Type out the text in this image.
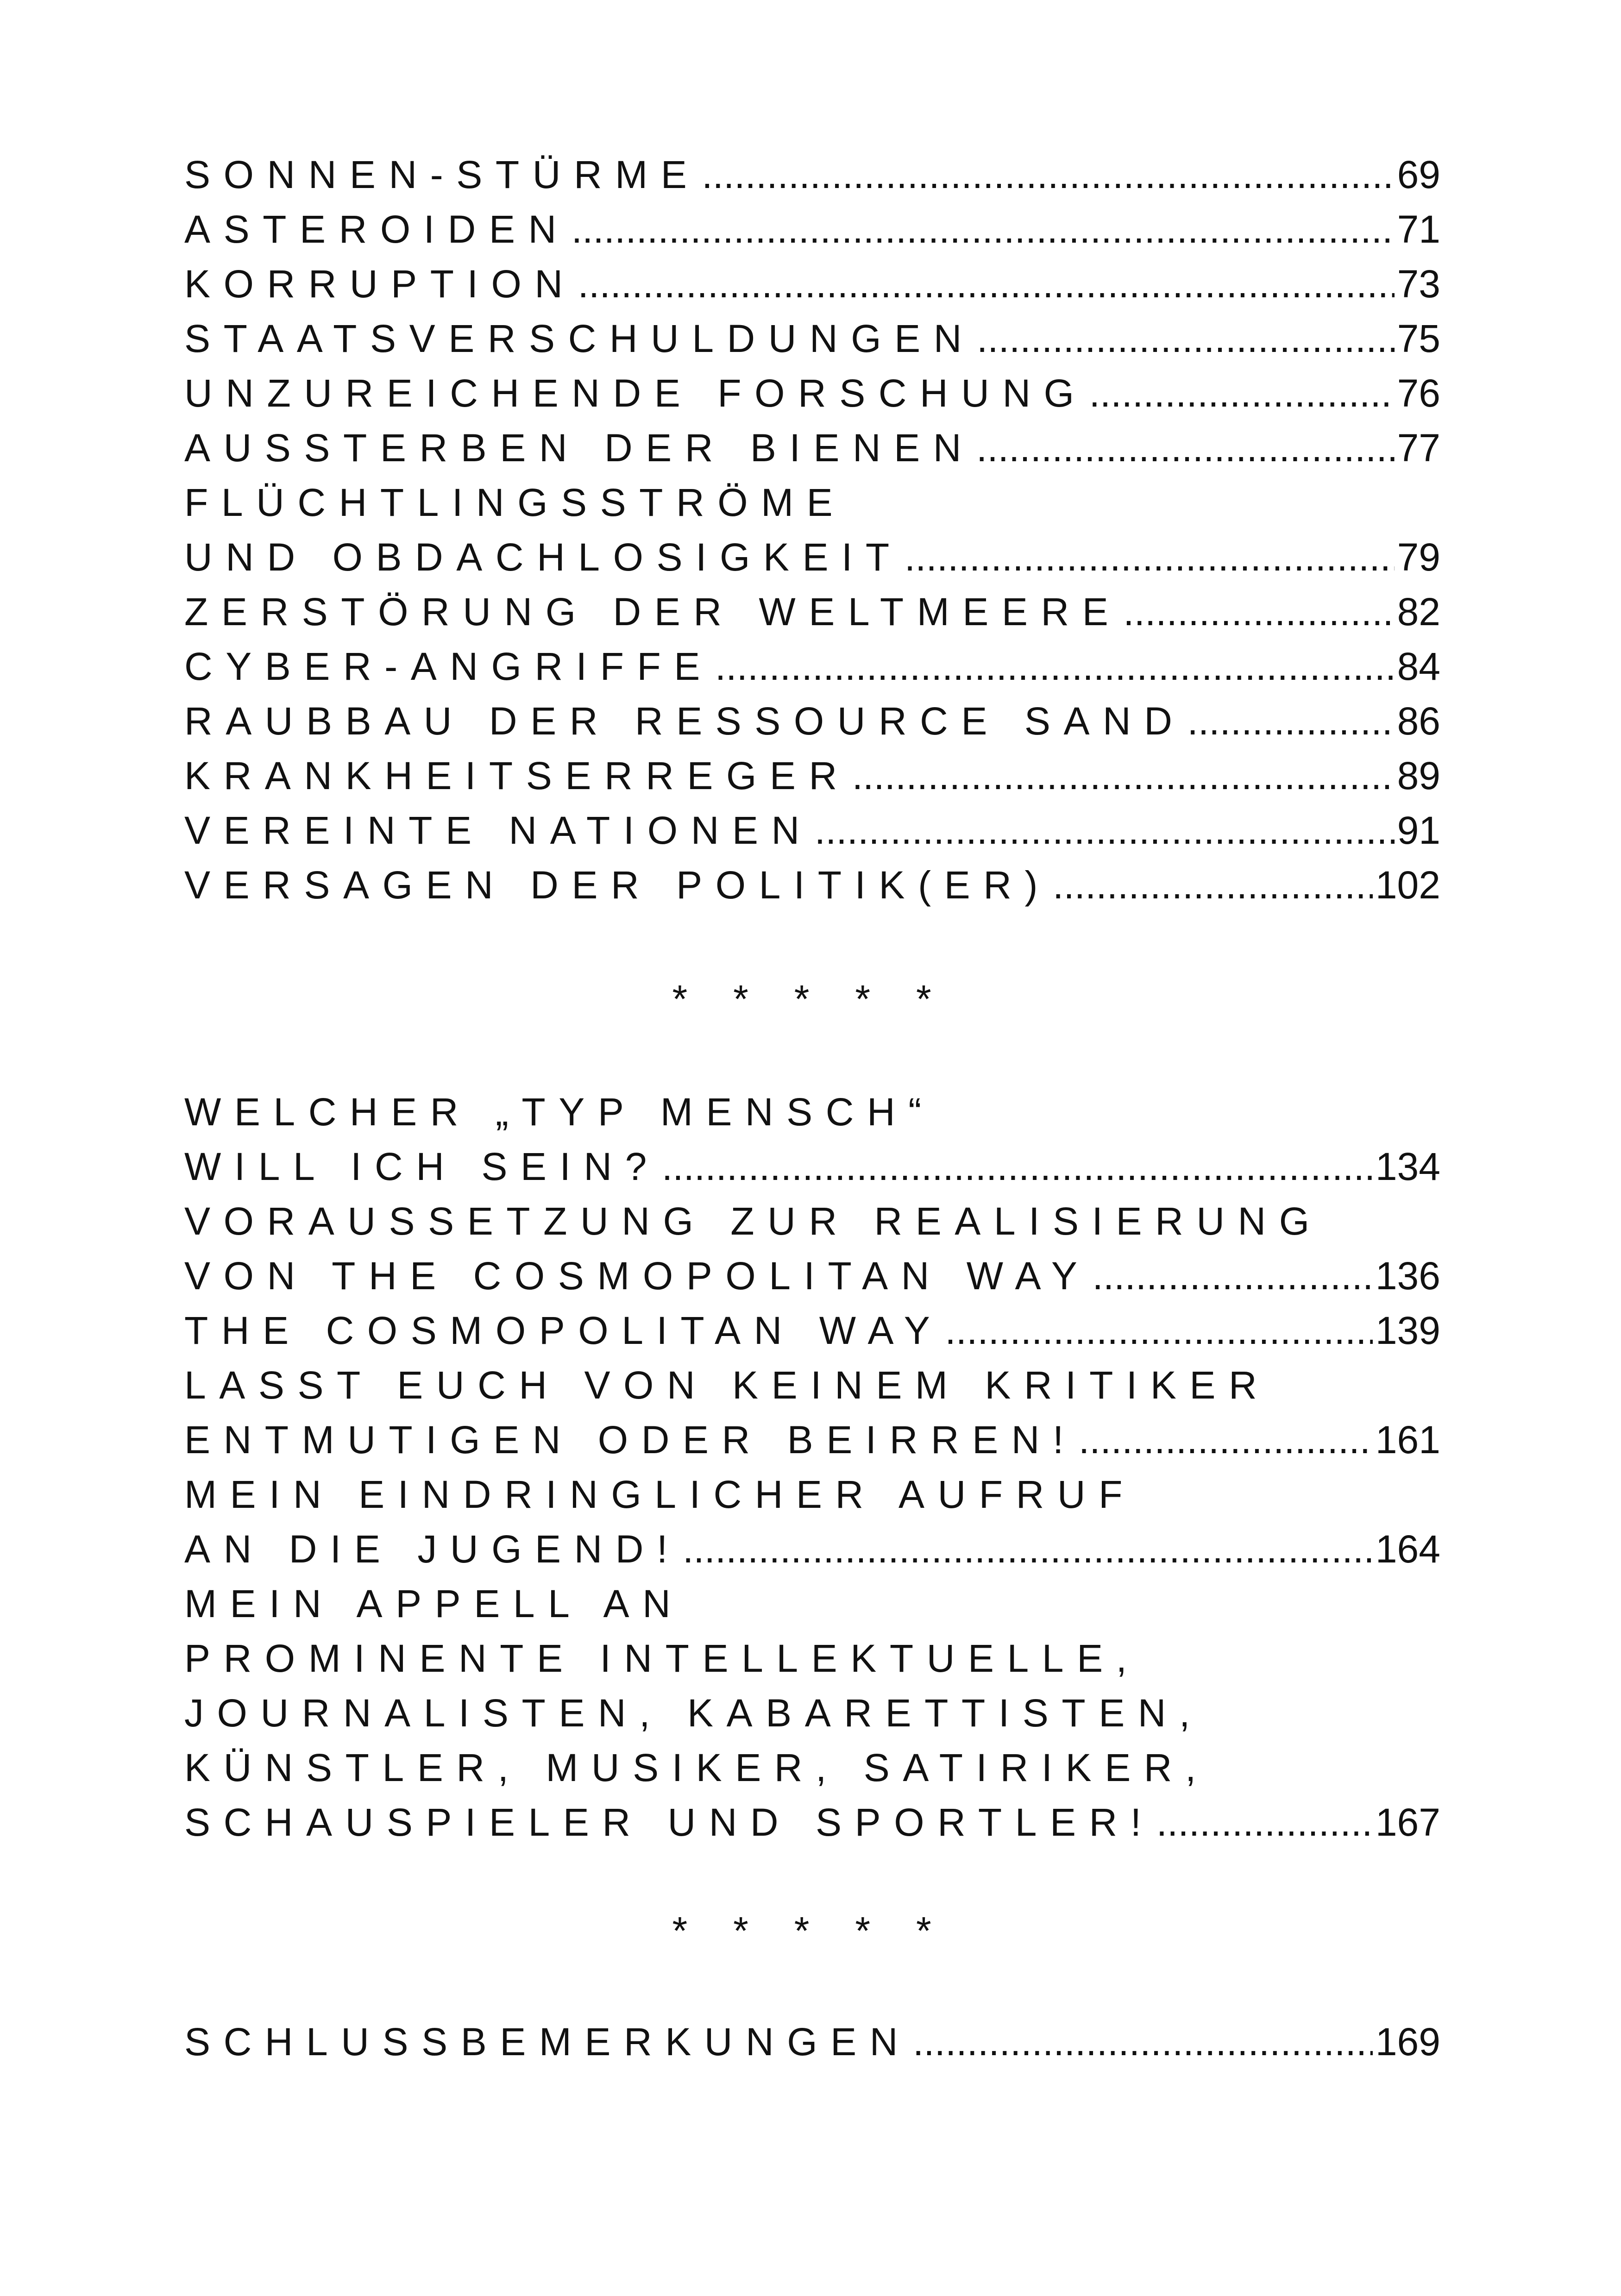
SONNEN-STÜRME .....	69
ASTEROIDEN .....	71
KORRUPTION .....	73
STAATSVERSCHULDUNGEN .....	75
UNZUREICHENDE FORSCHUNG .....	76
AUSSTERBEN DER BIENEN .....	77
FLÜCHTLINGSSTRÖME
UND OBDACHLOSIGKEIT .....	79
ZERSTÖRUNG DER WELTMEERE .....	82
CYBER-ANGRIFFE .....	84
RAUBBAU DER RESSOURCE SAND .....	86
KRANKHEITSERREGER .....	89
VEREINTE NATIONEN .....	91
VERSAGEN DER POLITIK(ER) .....	102
* * * * *
WELCHER „TYP MENSCH“
WILL ICH SEIN? .....	134
VORAUSSETZUNG ZUR REALISIERUNG
VON THE COSMOPOLITAN WAY .....	136
THE COSMOPOLITAN WAY .....	139
LASST EUCH VON KEINEM KRITIKER
ENTMUTIGEN ODER BEIRREN! .....	161
MEIN EINDRINGLICHER AUFRUF
AN DIE JUGEND! .....	164
MEIN APPELL AN
PROMINENTE INTELLEKTUELLE,
JOURNALISTEN, KABARETTISTEN,
KÜNSTLER, MUSIKER, SATIRIKER,
SCHAUSPIELER UND SPORTLER! .....	167
* * * * *
SCHLUSSBEMERKUNGEN .....	169
